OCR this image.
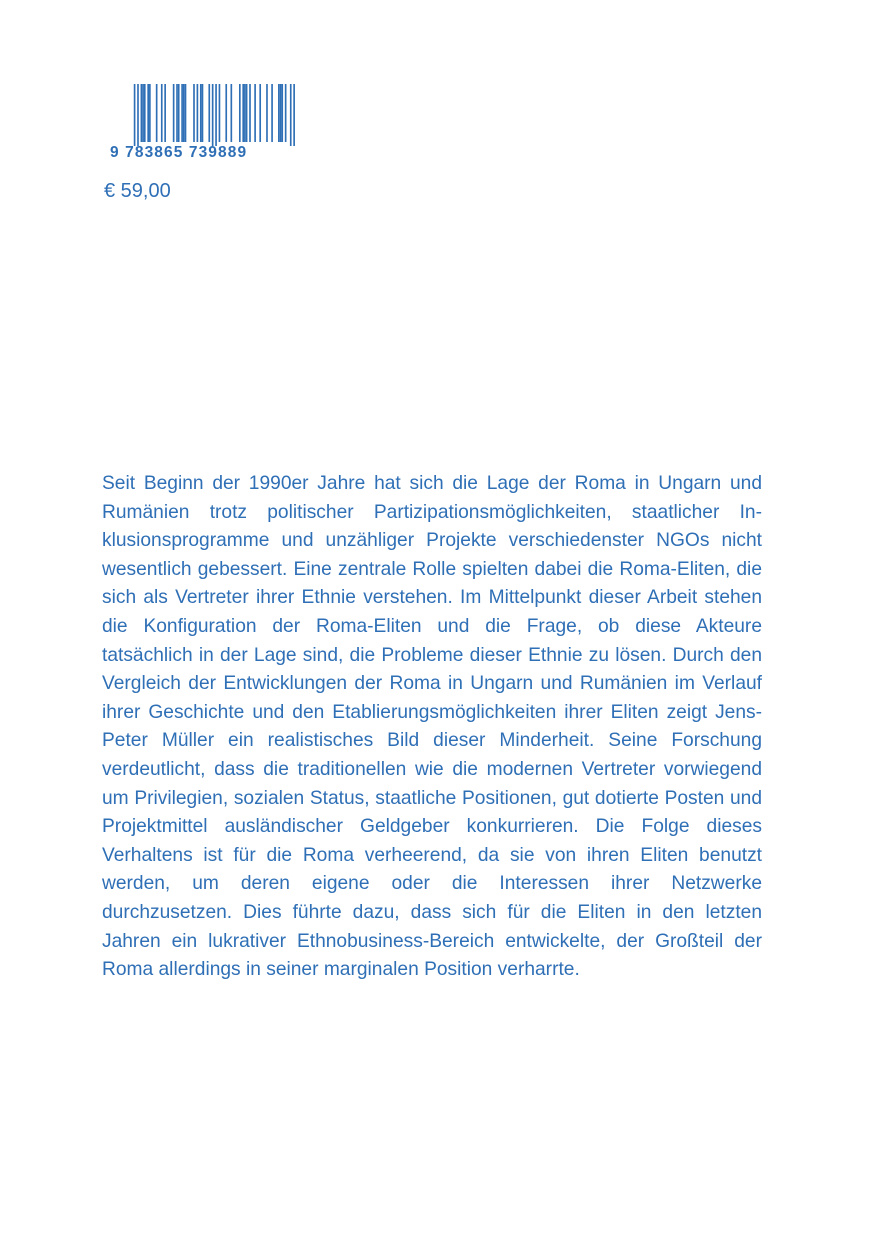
9 783865 739889
€ 59,00

Seit Beginn der 1990er Jahre hat sich die Lage der Roma in Ungarn und Rumänien trotz politischer Partizipationsmöglichkeiten, staatlicher Inklusionsprogramme und unzähliger Projekte verschiedenster NGOs nicht wesentlich gebessert. Eine zentrale Rolle spielten dabei die Roma-Eliten, die sich als Vertreter ihrer Ethnie verstehen. Im Mittelpunkt dieser Arbeit stehen die Konfiguration der Roma-Eliten und die Frage, ob diese Akteure tatsächlich in der Lage sind, die Probleme dieser Ethnie zu lösen. Durch den Vergleich der Entwicklungen der Roma in Ungarn und Rumänien im Verlauf ihrer Geschichte und den Etablierungsmöglichkeiten ihrer Eliten zeigt Jens-Peter Müller ein realistisches Bild dieser Minderheit. Seine Forschung verdeutlicht, dass die traditionellen wie die modernen Vertreter vorwiegend um Privilegien, sozialen Status, staatliche Positionen, gut dotierte Posten und Projektmittel ausländischer Geldgeber konkurrieren. Die Folge dieses Verhaltens ist für die Roma verheerend, da sie von ihren Eliten benutzt werden, um deren eigene oder die Interessen ihrer Netzwerke durchzusetzen. Dies führte dazu, dass sich für die Eliten in den letzten Jahren ein lukrativer Ethnobusiness-Bereich entwickelte, der Großteil der Roma allerdings in seiner marginalen Position verharrte.
